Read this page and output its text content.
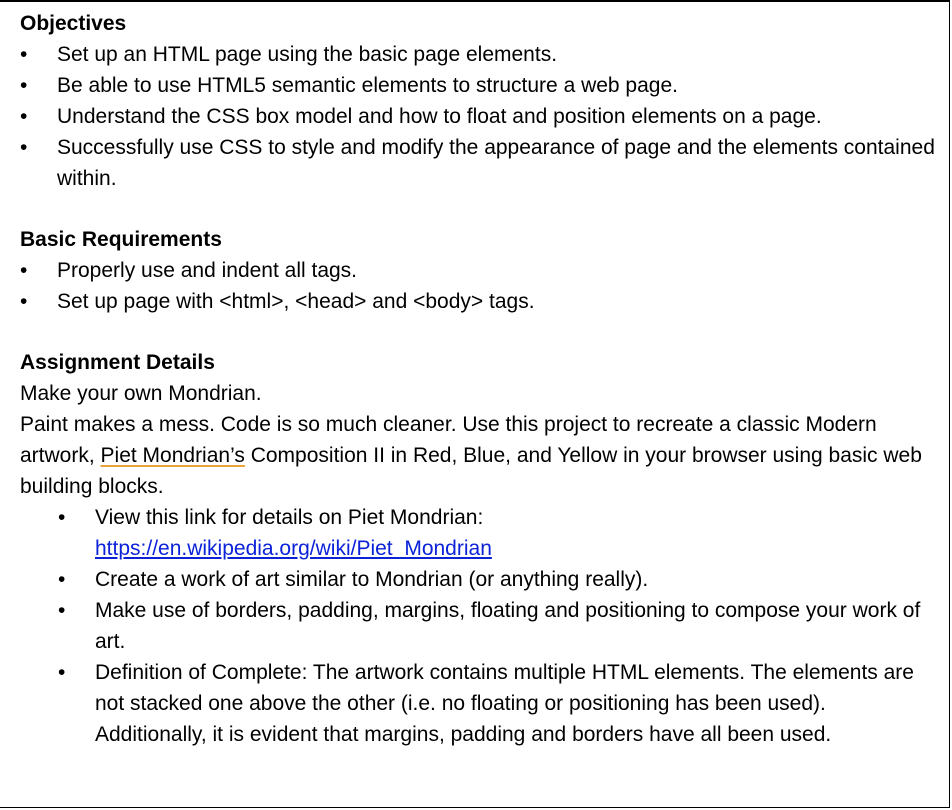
Objectives

•	Set up an HTML page using the basic page elements.
•	Be able to use HTML5 semantic elements to structure a web page.
•	Understand the CSS box model and how to float and position elements on a page.
•	Successfully use CSS to style and modify the appearance of page and the elements contained within.

Basic Requirements

•	Properly use and indent all tags.
•	Set up page with <html>, <head> and <body> tags.

Assignment Details

Make your own Mondrian.

Paint makes a mess. Code is so much cleaner. Use this project to recreate a classic Modern artwork, Piet Mondrian’s Composition II in Red, Blue, and Yellow in your browser using basic web building blocks.

•	View this link for details on Piet Mondrian:
https://en.wikipedia.org/wiki/Piet_Mondrian
•	Create a work of art similar to Mondrian (or anything really).
•	Make use of borders, padding, margins, floating and positioning to compose your work of art.
•	Definition of Complete: The artwork contains multiple HTML elements. The elements are not stacked one above the other (i.e. no floating or positioning has been used). Additionally, it is evident that margins, padding and borders have all been used.
